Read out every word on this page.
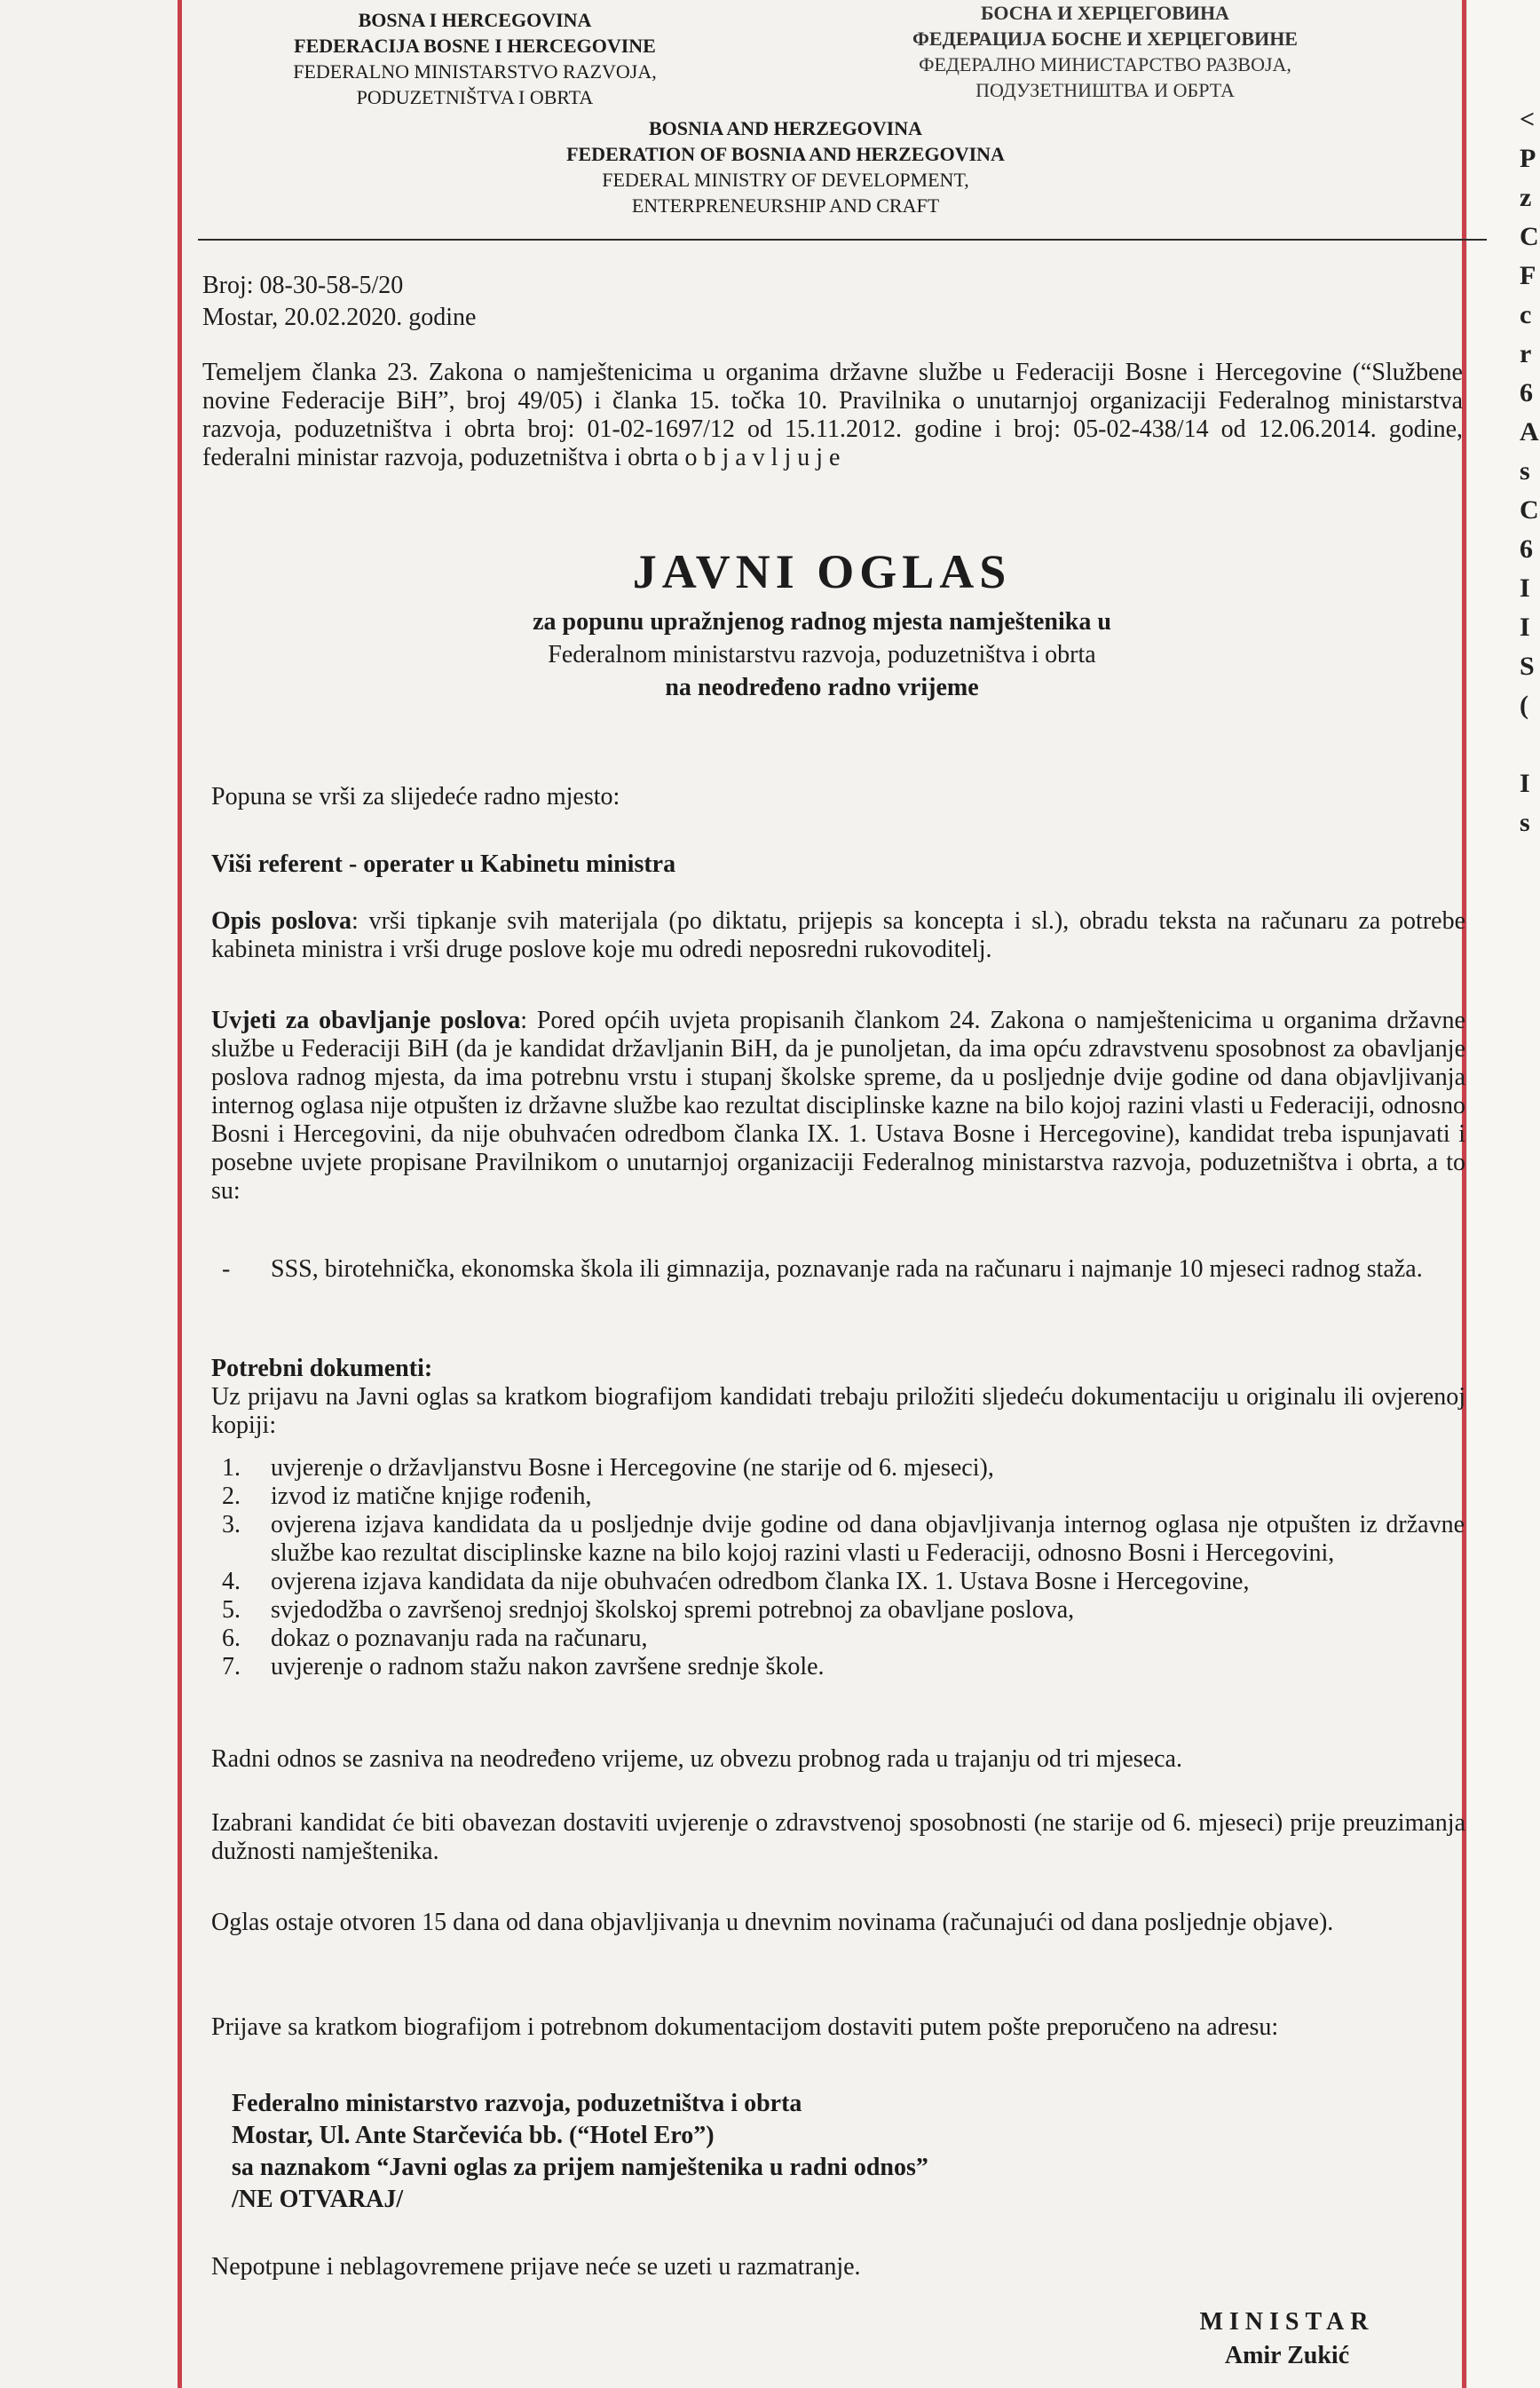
<
P
z
C
F
c
r
6
A
s
C
6
I
I
S
(
I
s
BOSNA I HERCEGOVINA
FEDERACIJA BOSNE I HERCEGOVINE
FEDERALNO MINISTARSTVO RAZVOJA,
PODUZETNIŠTVA I OBRTA
БОСНА И ХЕРЦЕГОВИНА
ФЕДЕРАЦИЈА БОСНЕ И ХЕРЦЕГОВИНЕ
ФЕДЕРАЛНО МИНИСТАРСТВО РАЗВОЈА,
ПОДУЗЕТНИШТВА И ОБРТА
BOSNIA AND HERZEGOVINA
FEDERATION OF BOSNIA AND HERZEGOVINA
FEDERAL MINISTRY OF DEVELOPMENT,
ENTERPRENEURSHIP AND CRAFT
Broj: 08-30-58-5/20
Mostar, 20.02.2020. godine
Temeljem članka 23. Zakona o namještenicima u organima državne službe u Federaciji Bosne i Hercegovine (“Službene novine Federacije BiH”, broj 49/05) i članka 15. točka 10. Pravilnika o unutarnjoj organizaciji Federalnog ministarstva razvoja, poduzetništva i obrta broj: 01-02-1697/12 od 15.11.2012. godine i broj: 05-02-438/14 od 12.06.2014. godine, federalni ministar razvoja, poduzetništva i obrta o b j a v l j u j e
JAVNI OGLAS
za popunu upražnjenog radnog mjesta namještenika u
Federalnom ministarstvu razvoja, poduzetništva i obrta
na neodređeno radno vrijeme
Popuna se vrši za slijedeće radno mjesto:
Viši referent - operater u Kabinetu ministra
Opis poslova: vrši tipkanje svih materijala (po diktatu, prijepis sa koncepta i sl.), obradu teksta na računaru za potrebe kabineta ministra i vrši druge poslove koje mu odredi neposredni rukovoditelj.
Uvjeti za obavljanje poslova: Pored općih uvjeta propisanih člankom 24. Zakona o namještenicima u organima državne službe u Federaciji BiH (da je kandidat državljanin BiH, da je punoljetan, da ima opću zdravstvenu sposobnost za obavljanje poslova radnog mjesta, da ima potrebnu vrstu i stupanj školske spreme, da u posljednje dvije godine od dana objavljivanja internog oglasa nije otpušten iz državne službe kao rezultat disciplinske kazne na bilo kojoj razini vlasti u Federaciji, odnosno Bosni i Hercegovini, da nije obuhvaćen odredbom članka IX. 1. Ustava Bosne i Hercegovine), kandidat treba ispunjavati i posebne uvjete propisane Pravilnikom o unutarnjoj organizaciji Federalnog ministarstva razvoja, poduzetništva i obrta, a to su:
-	SSS, birotehnička, ekonomska škola ili gimnazija, poznavanje rada na računaru i najmanje 10 mjeseci radnog staža.
Potrebni dokumenti:
Uz prijavu na Javni oglas sa kratkom biografijom kandidati trebaju priložiti sljedeću dokumentaciju u originalu ili ovjerenoj kopiji:
1.	uvjerenje o državljanstvu Bosne i Hercegovine (ne starije od 6. mjeseci),
2.	izvod iz matične knjige rođenih,
3.	ovjerena izjava kandidata da u posljednje dvije godine od dana objavljivanja internog oglasa nje otpušten iz državne službe kao rezultat disciplinske kazne na bilo kojoj razini vlasti u Federaciji, odnosno Bosni i Hercegovini,
4.	ovjerena izjava kandidata da nije obuhvaćen odredbom članka IX. 1. Ustava Bosne i Hercegovine,
5.	svjedodžba o završenoj srednjoj školskoj spremi potrebnoj za obavljane poslova,
6.	dokaz o poznavanju rada na računaru,
7.	uvjerenje o radnom stažu nakon završene srednje škole.
Radni odnos se zasniva na neodređeno vrijeme, uz obvezu probnog rada u trajanju od tri mjeseca.
Izabrani kandidat će biti obavezan dostaviti uvjerenje o zdravstvenoj sposobnosti (ne starije od 6. mjeseci) prije preuzimanja dužnosti namještenika.
Oglas ostaje otvoren 15 dana od dana objavljivanja u dnevnim novinama (računajući od dana posljednje objave).
Prijave sa kratkom biografijom i potrebnom dokumentacijom dostaviti putem pošte preporučeno na adresu:
Federalno ministarstvo razvoja, poduzetništva i obrta
Mostar, Ul. Ante Starčevića bb. (“Hotel Ero”)
sa naznakom “Javni oglas za prijem namještenika u radni odnos”
/NE OTVARAJ/
Nepotpune i neblagovremene prijave neće se uzeti u razmatranje.
MINISTAR
Amir Zukić
